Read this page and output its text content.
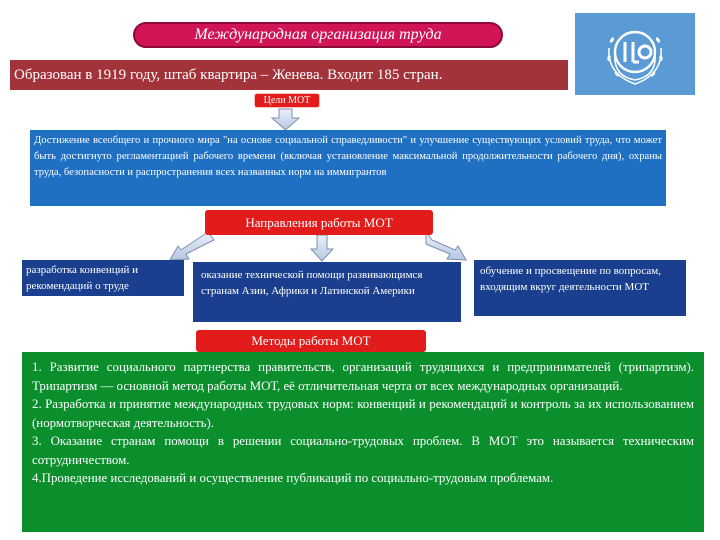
Международная организация труда
Образован в 1919 году, штаб квартира – Женева. Входит 185 стран.
Цели МОТ
Достижение всеобщего и прочного мира "на основе социальной справедливости" и улучшение существующих условий труда, что может быть достигнуто регламентацией рабочего времени (включая установление максимальной продолжительности рабочего дня), охраны труда, безопасности и распространения всех названных норм на иммигрантов
Направления работы МОТ
разработка конвенций и рекомендаций о труде
оказание технической помощи развивающимся странам Азии, Африки и Латинской Америки
обучение и просвещение по вопросам, входящим вкруг деятельности МОТ
Методы работы МОТ

1. Развитие социального партнерства правительств, организаций трудящихся и предпринимателей (трипартизм). Трипартизм — основной метод работы МОТ, её отличительная черта от всех международных организаций.

2. Разработка и принятие международных трудовых норм: конвенций и рекомендаций и контроль за их использованием (нормотворческая деятельность).

3. Оказание странам помощи в решении социально-трудовых проблем. В МОТ это называется техническим сотрудничеством.

4.Проведение исследований и осуществление публикаций по социально-трудовым проблемам.
